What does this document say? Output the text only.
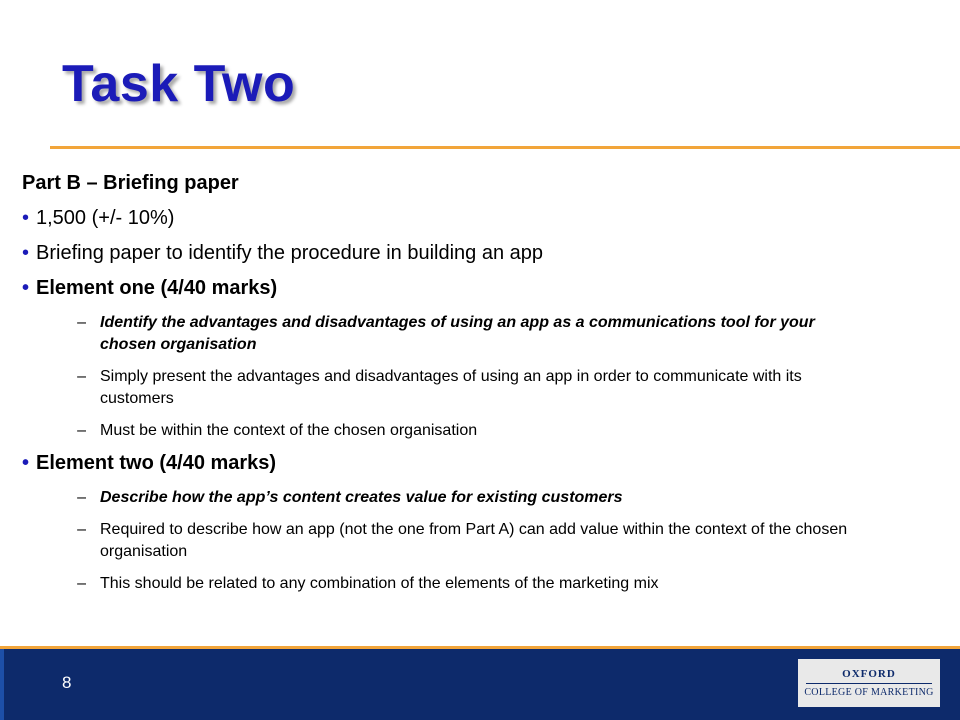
Task Two

Part B – Briefing paper

• 1,500 (+/- 10%)
• Briefing paper to identify the procedure in building an app
• Element one (4/40 marks)
– Identify the advantages and disadvantages of using an app as a communications tool for your chosen organisation
– Simply present the advantages and disadvantages of using an app in order to communicate with its customers
– Must be within the context of the chosen organisation
• Element two (4/40 marks)
– Describe how the app’s content creates value for existing customers
– Required to describe how an app (not the one from Part A) can add value within the context of the chosen organisation
– This should be related to any combination of the elements of the marketing mix
8	OXFORD
COLLEGE OF MARKETING
